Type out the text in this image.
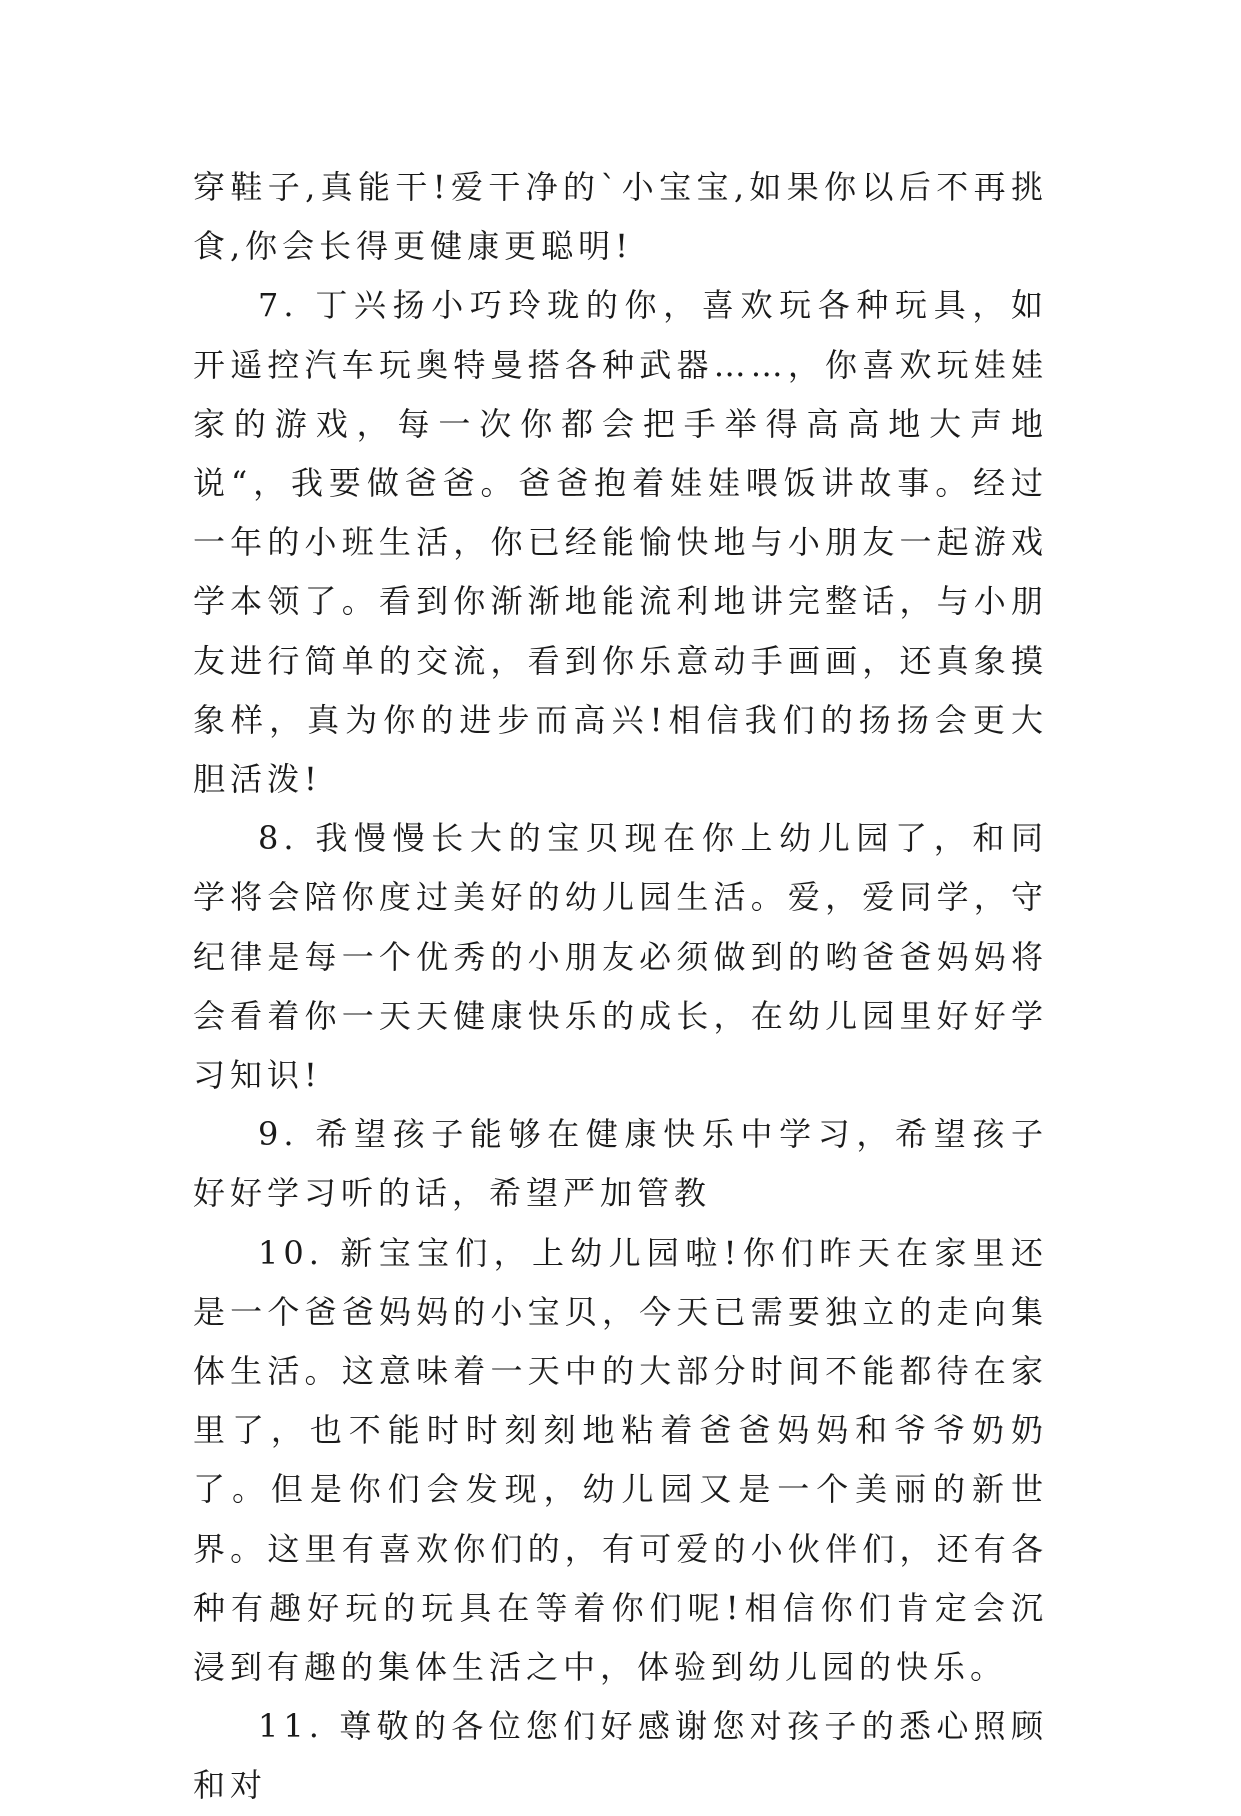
穿鞋子,真能干!爱干净的`小宝宝,如果你以后不再挑食,你会长得更健康更聪明!

7. 丁兴扬小巧玲珑的你，喜欢玩各种玩具，如开遥控汽车玩奥特曼搭各种武器……，你喜欢玩娃娃家的游戏，每一次你都会把手举得高高地大声地说“，我要做爸爸。爸爸抱着娃娃喂饭讲故事。经过一年的小班生活，你已经能愉快地与小朋友一起游戏学本领了。看到你渐渐地能流利地讲完整话，与小朋友进行简单的交流，看到你乐意动手画画，还真象摸象样，真为你的进步而高兴!相信我们的扬扬会更大胆活泼!

8. 我慢慢长大的宝贝现在你上幼儿园了，和同学将会陪你度过美好的幼儿园生活。爱，爱同学，守纪律是每一个优秀的小朋友必须做到的哟爸爸妈妈将会看着你一天天健康快乐的成长，在幼儿园里好好学习知识!

9. 希望孩子能够在健康快乐中学习，希望孩子好好学习听的话，希望严加管教

10. 新宝宝们，上幼儿园啦!你们昨天在家里还是一个爸爸妈妈的小宝贝，今天已需要独立的走向集体生活。这意味着一天中的大部分时间不能都待在家里了，也不能时时刻刻地粘着爸爸妈妈和爷爷奶奶了。但是你们会发现，幼儿园又是一个美丽的新世界。这里有喜欢你们的，有可爱的小伙伴们，还有各种有趣好玩的玩具在等着你们呢!相信你们肯定会沉浸到有趣的集体生活之中，体验到幼儿园的快乐。

11. 尊敬的各位您们好感谢您对孩子的悉心照顾和对
